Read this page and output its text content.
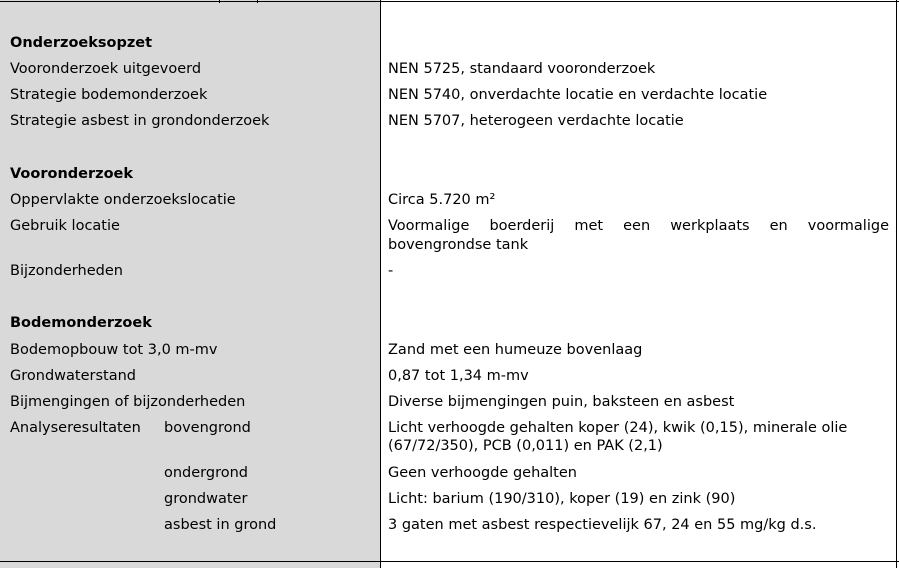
Onderzoeksopzet
Vooronderzoek uitgevoerd	NEN 5725, standaard vooronderzoek
Strategie bodemonderzoek	NEN 5740, onverdachte locatie en verdachte locatie
Strategie asbest in grondonderzoek	NEN 5707, heterogeen verdachte locatie
Vooronderzoek
Oppervlakte onderzoekslocatie	Circa 5.720 m²
Gebruik locatie	Voormalige boerderij met een werkplaats en voormalige
bovengrondse tank
Bijzonderheden	-
Bodemonderzoek
Bodemopbouw tot 3,0 m-mv	Zand met een humeuze bovenlaag
Grondwaterstand	0,87 tot 1,34 m-mv
Bijmengingen of bijzonderheden	Diverse bijmengingen puin, baksteen en asbest
Analyseresultaten bovengrond	Licht verhoogde gehalten koper (24), kwik (0,15), minerale olie
(67/72/350), PCB (0,011) en PAK (2,1)
ondergrond	Geen verhoogde gehalten
grondwater	Licht: barium (190/310), koper (19) en zink (90)
asbest in grond	3 gaten met asbest respectievelijk 67, 24 en 55 mg/kg d.s.
